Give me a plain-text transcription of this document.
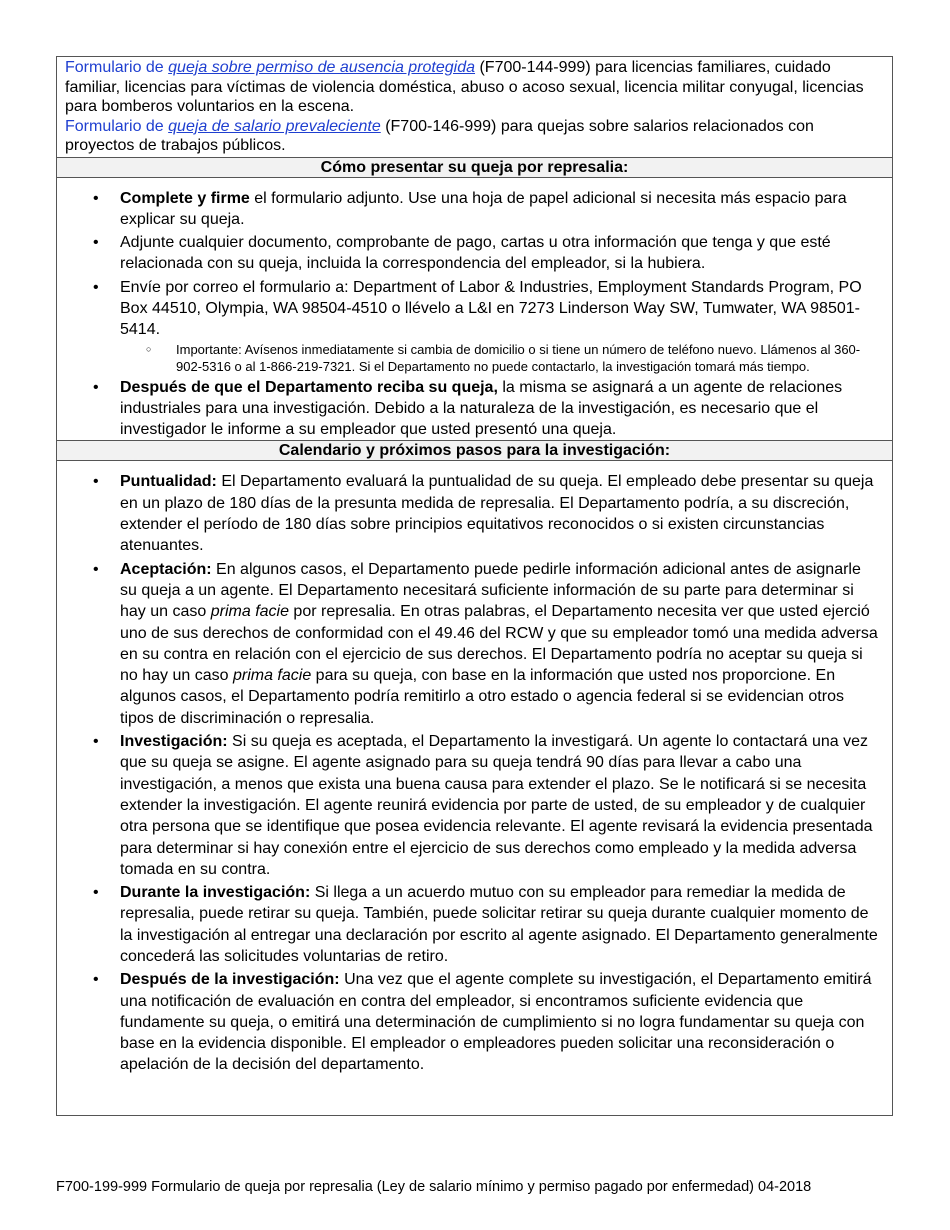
Formulario de queja sobre permiso de ausencia protegida (F700-144-999) para licencias familiares, cuidado familiar, licencias para víctimas de violencia doméstica, abuso o acoso sexual, licencia militar conyugal, licencias para bomberos voluntarios en la escena.

Formulario de queja de salario prevaleciente (F700-146-999) para quejas sobre salarios relacionados con proyectos de trabajos públicos.

Cómo presentar su queja por represalia:
• Complete y firme el formulario adjunto. Use una hoja de papel adicional si necesita más espacio para explicar su queja.
• Adjunte cualquier documento, comprobante de pago, cartas u otra información que tenga y que esté relacionada con su queja, incluida la correspondencia del empleador, si la hubiera.
• Envíe por correo el formulario a: Department of Labor & Industries, Employment Standards Program, PO Box 44510, Olympia, WA 98504-4510 o llévelo a L&I en 7273 Linderson Way SW, Tumwater, WA 98501-5414.
○ Importante: Avísenos inmediatamente si cambia de domicilio o si tiene un número de teléfono nuevo. Llámenos al 360-902-5316 o al 1-866-219-7321. Si el Departamento no puede contactarlo, la investigación tomará más tiempo.
• Después de que el Departamento reciba su queja, la misma se asignará a un agente de relaciones industriales para una investigación. Debido a la naturaleza de la investigación, es necesario que el investigador le informe a su empleador que usted presentó una queja.
Calendario y próximos pasos para la investigación:
• Puntualidad: El Departamento evaluará la puntualidad de su queja. El empleado debe presentar su queja en un plazo de 180 días de la presunta medida de represalia. El Departamento podría, a su discreción, extender el período de 180 días sobre principios equitativos reconocidos o si existen circunstancias atenuantes.
• Aceptación: En algunos casos, el Departamento puede pedirle información adicional antes de asignarle su queja a un agente. El Departamento necesitará suficiente información de su parte para determinar si hay un caso prima facie por represalia. En otras palabras, el Departamento necesita ver que usted ejerció uno de sus derechos de conformidad con el 49.46 del RCW y que su empleador tomó una medida adversa en su contra en relación con el ejercicio de sus derechos. El Departamento podría no aceptar su queja si no hay un caso prima facie para su queja, con base en la información que usted nos proporcione. En algunos casos, el Departamento podría remitirlo a otro estado o agencia federal si se evidencian otros tipos de discriminación o represalia.
• Investigación: Si su queja es aceptada, el Departamento la investigará. Un agente lo contactará una vez que su queja se asigne. El agente asignado para su queja tendrá 90 días para llevar a cabo una investigación, a menos que exista una buena causa para extender el plazo. Se le notificará si se necesita extender la investigación. El agente reunirá evidencia por parte de usted, de su empleador y de cualquier otra persona que se identifique que posea evidencia relevante. El agente revisará la evidencia presentada para determinar si hay conexión entre el ejercicio de sus derechos como empleado y la medida adversa tomada en su contra.
• Durante la investigación: Si llega a un acuerdo mutuo con su empleador para remediar la medida de represalia, puede retirar su queja. También, puede solicitar retirar su queja durante cualquier momento de la investigación al entregar una declaración por escrito al agente asignado. El Departamento generalmente concederá las solicitudes voluntarias de retiro.
• Después de la investigación: Una vez que el agente complete su investigación, el Departamento emitirá una notificación de evaluación en contra del empleador, si encontramos suficiente evidencia que fundamente su queja, o emitirá una determinación de cumplimiento si no logra fundamentar su queja con base en la evidencia disponible. El empleador o empleadores pueden solicitar una reconsideración o apelación de la decisión del departamento.
F700-199-999 Formulario de queja por represalia (Ley de salario mínimo y permiso pagado por enfermedad) 04-2018
